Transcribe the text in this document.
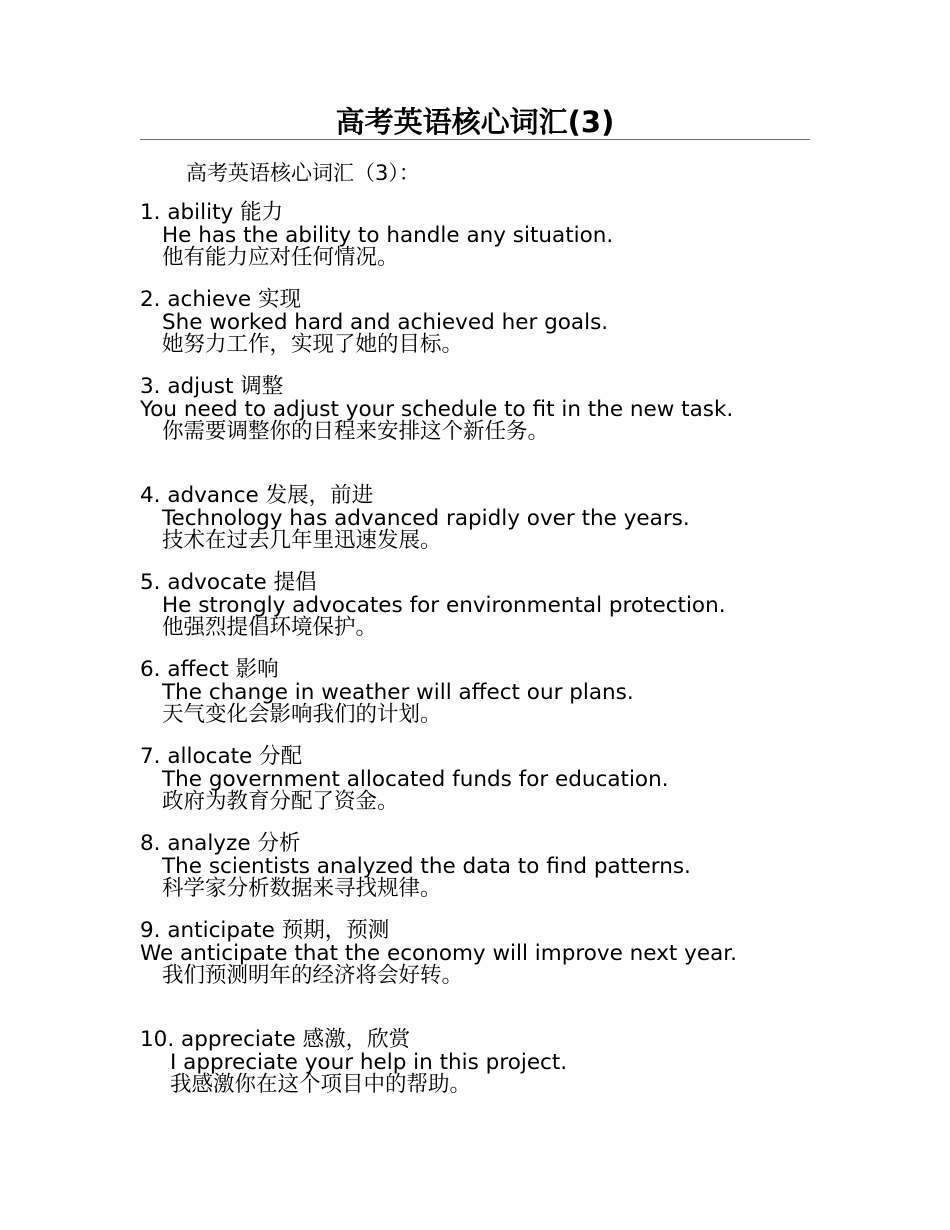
高考英语核心词汇(3)
高考英语核心词汇（3）：
1. ability 能力
He has the ability to handle any situation.
他有能力应对任何情况。
2. achieve 实现
She worked hard and achieved her goals.
她努力工作，实现了她的目标。
3. adjust 调整
You need to adjust your schedule to fit in the new task.
你需要调整你的日程来安排这个新任务。
4. advance 发展，前进
Technology has advanced rapidly over the years.
技术在过去几年里迅速发展。
5. advocate 提倡
He strongly advocates for environmental protection.
他强烈提倡环境保护。
6. affect 影响
The change in weather will affect our plans.
天气变化会影响我们的计划。
7. allocate 分配
The government allocated funds for education.
政府为教育分配了资金。
8. analyze 分析
The scientists analyzed the data to find patterns.
科学家分析数据来寻找规律。
9. anticipate 预期，预测
We anticipate that the economy will improve next year.
我们预测明年的经济将会好转。
10. appreciate 感激，欣赏
I appreciate your help in this project.
我感激你在这个项目中的帮助。
